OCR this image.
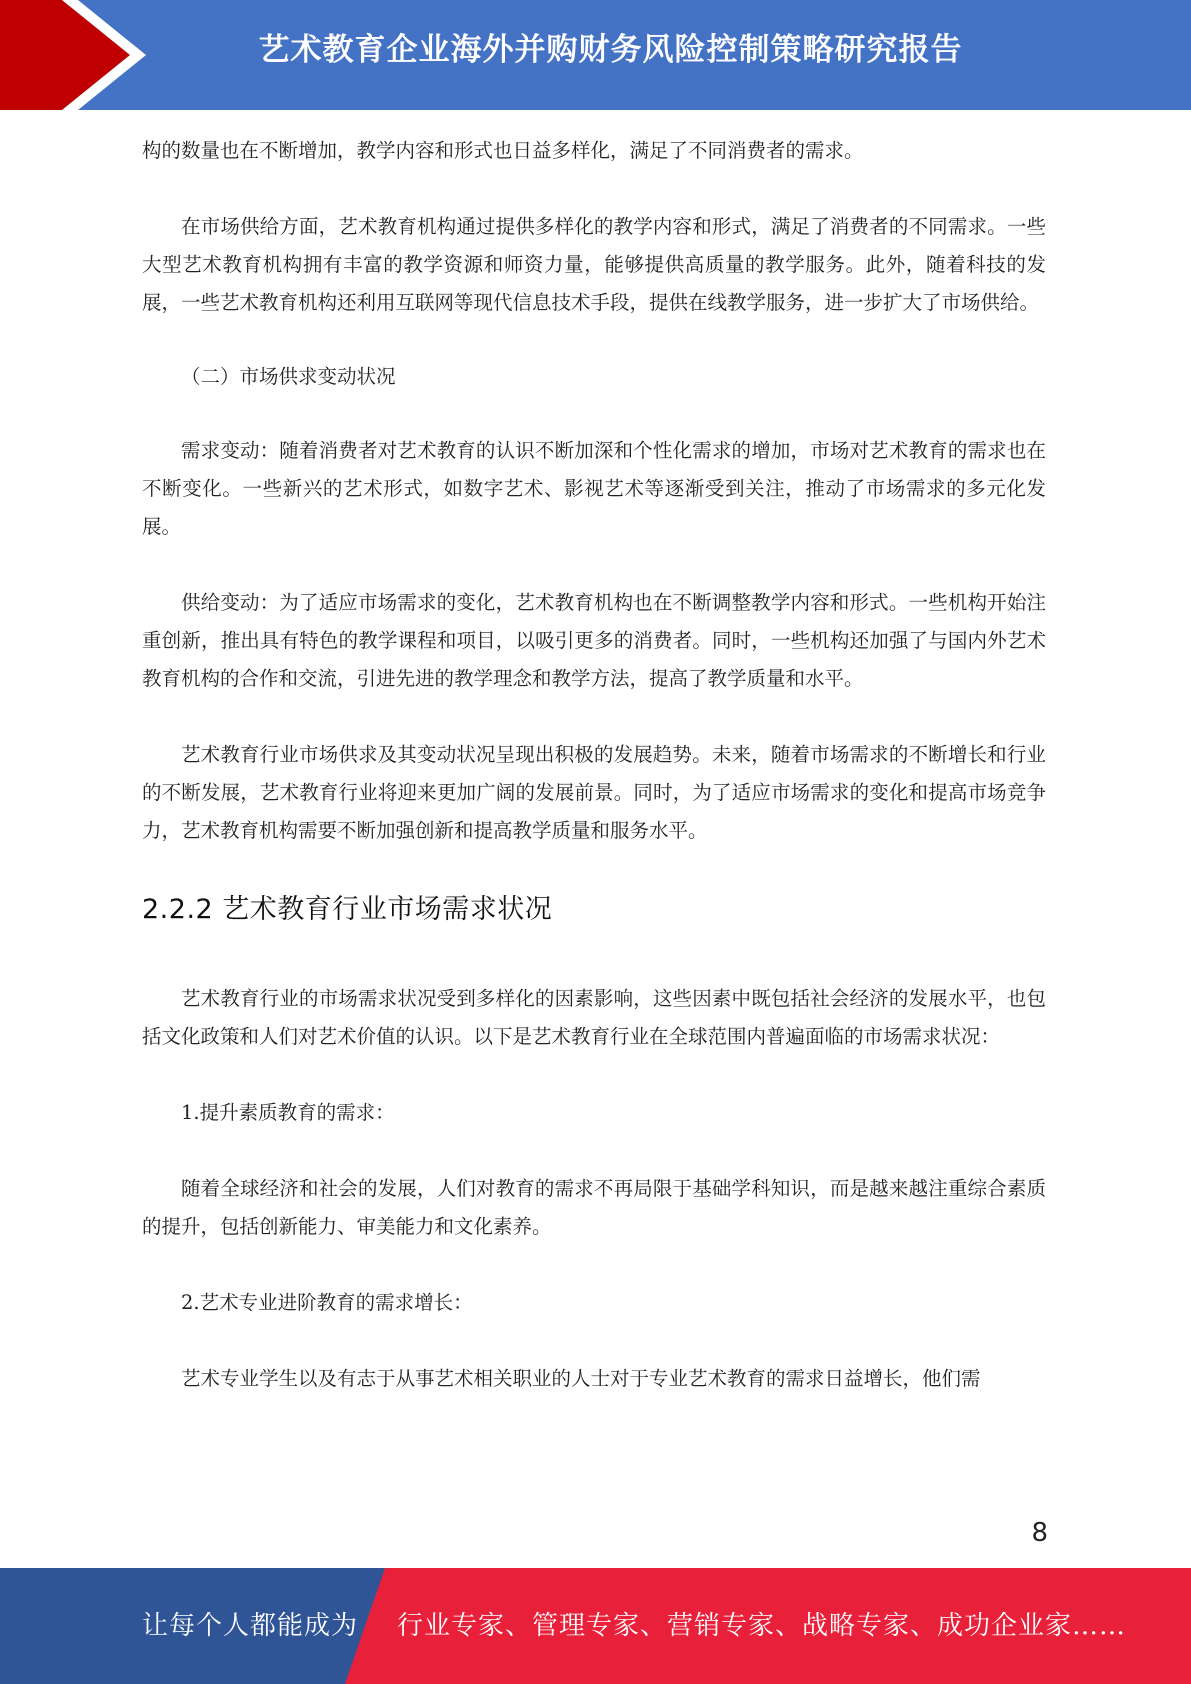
艺术教育企业海外并购财务风险控制策略研究报告

构的数量也在不断增加，教学内容和形式也日益多样化，满足了不同消费者的需求。

在市场供给方面，艺术教育机构通过提供多样化的教学内容和形式，满足了消费者的不同需求。一些大型艺术教育机构拥有丰富的教学资源和师资力量，能够提供高质量的教学服务。此外，随着科技的发展，一些艺术教育机构还利用互联网等现代信息技术手段，提供在线教学服务，进一步扩大了市场供给。

（二）市场供求变动状况

需求变动：随着消费者对艺术教育的认识不断加深和个性化需求的增加，市场对艺术教育的需求也在不断变化。一些新兴的艺术形式，如数字艺术、影视艺术等逐渐受到关注，推动了市场需求的多元化发展。

供给变动：为了适应市场需求的变化，艺术教育机构也在不断调整教学内容和形式。一些机构开始注重创新，推出具有特色的教学课程和项目，以吸引更多的消费者。同时，一些机构还加强了与国内外艺术教育机构的合作和交流，引进先进的教学理念和教学方法，提高了教学质量和水平。

艺术教育行业市场供求及其变动状况呈现出积极的发展趋势。未来，随着市场需求的不断增长和行业的不断发展，艺术教育行业将迎来更加广阔的发展前景。同时，为了适应市场需求的变化和提高市场竞争力，艺术教育机构需要不断加强创新和提高教学质量和服务水平。

2.2.2 艺术教育行业市场需求状况

艺术教育行业的市场需求状况受到多样化的因素影响，这些因素中既包括社会经济的发展水平，也包括文化政策和人们对艺术价值的认识。以下是艺术教育行业在全球范围内普遍面临的市场需求状况：

1.提升素质教育的需求：

随着全球经济和社会的发展，人们对教育的需求不再局限于基础学科知识，而是越来越注重综合素质的提升，包括创新能力、审美能力和文化素养。

2.艺术专业进阶教育的需求增长：

艺术专业学生以及有志于从事艺术相关职业的人士对于专业艺术教育的需求日益增长，他们需

8
让每个人都能成为 行业专家、管理专家、营销专家、战略专家、成功企业家……
